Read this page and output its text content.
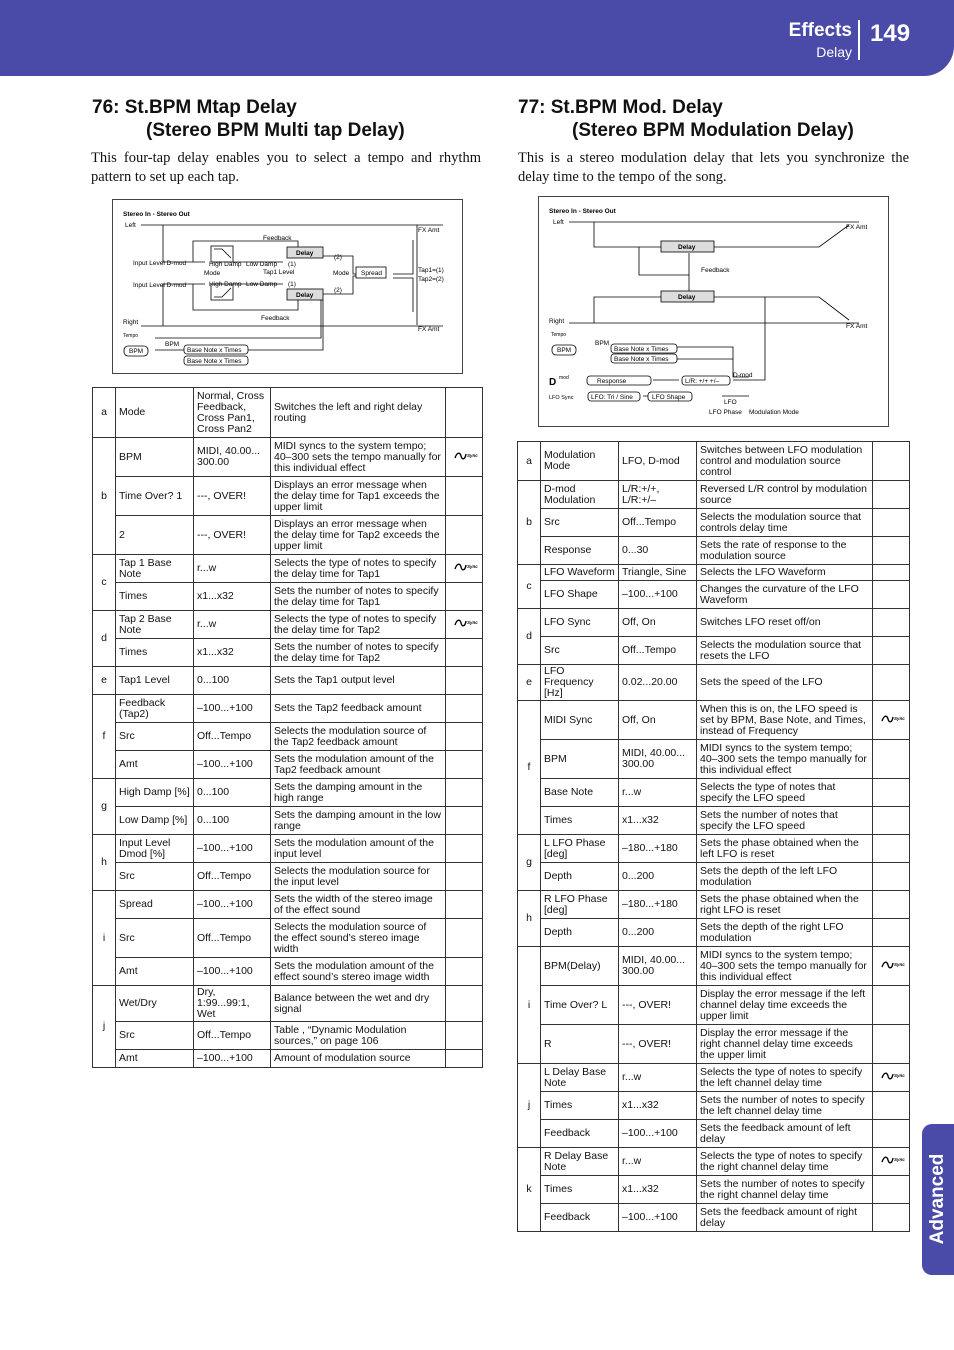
Effects
Delay
149
Advanced
76: St.BPM Mtap Delay
(Stereo BPM Multi tap Delay)
This four-tap delay enables you to select a tempo and rhythm pattern to set up each tap.
Stereo In - Stereo Out
Left
Right
Delay
Delay
Spread
Feedback
Feedback
Input Level D-mod
Input Level D-mod
High Damp Low Damp
High Damp Low Damp
Mode	Mode
Tap1 Level
(1)
(1)
(2)
(2)
Tap1=(1)
Tap2=(2)
FX Amt
FX Amt
Tempo
BPM
BPM
Base Note x Times
Base Note x Times
a	Mode	Normal, Cross Feedback, Cross Pan1, Cross Pan2	Switches the left and right delay routing	
b	BPM	MIDI, 40.00... 300.00	MIDI syncs to the system tempo; 40–300 sets the tempo manually for this individual effect	Sync

	Time Over? 1	---, OVER!	Displays an error message when the delay time for Tap1 exceeds the upper limit	
	2	---, OVER!	Displays an error message when the delay time for Tap2 exceeds the upper limit	
c	Tap 1 Base Note	r...w	Selects the type of notes to specify the delay time for Tap1	Sync

	Times	x1...x32	Sets the number of notes to specify the delay time for Tap1	
d	Tap 2 Base Note	r...w	Selects the type of notes to specify the delay time for Tap2	Sync

	Times	x1...x32	Sets the number of notes to specify the delay time for Tap2	
e	Tap1 Level	0...100	Sets the Tap1 output level	
f	Feedback (Tap2)	–100...+100	Sets the Tap2 feedback amount	
	Src	Off...Tempo	Selects the modulation source of the Tap2 feedback amount	
	Amt	–100...+100	Sets the modulation amount of the Tap2 feedback amount	
g	High Damp [%]	0...100	Sets the damping amount in the high range	
	Low Damp [%]	0...100	Sets the damping amount in the low range	
h	Input Level Dmod [%]	–100...+100	Sets the modulation amount of the input level	
	Src	Off...Tempo	Selects the modulation source for the input level	
i	Spread	–100...+100	Sets the width of the stereo image of the effect sound	
	Src	Off...Tempo	Selects the modulation source of the effect sound’s stereo image width	
	Amt	–100...+100	Sets the modulation amount of the effect sound’s stereo image width	
j	Wet/Dry	Dry, 1:99...99:1, Wet	Balance between the wet and dry signal	
	Src	Off...Tempo	Table , “Dynamic Modulation sources,” on page 106	
	Amt	–100...+100	Amount of modulation source	
77: St.BPM Mod. Delay
(Stereo BPM Modulation Delay)
This is a stereo modulation delay that lets you synchronize the delay time to the tempo of the song.
Stereo In - Stereo Out
Left
Right
Delay
Delay
Feedback
FX Amt
FX Amt
Tempo
BPM
BPM
Base Note x Times
Base Note x Times
D mod	Response	L/R: +/+ +/–
D-mod
LFO Sync	LFO: Tri / Sine	LFO Shape
LFO
LFO Phase Modulation Mode
a	Modulation Mode	LFO, D-mod	Switches between LFO modulation control and modulation source control	
b	D-mod Modulation	L/R:+/+, L/R:+/–	Reversed L/R control by modulation source	
	Src	Off...Tempo	Selects the modulation source that controls delay time	
	Response	0...30	Sets the rate of response to the modulation source	
c	LFO Waveform	Triangle, Sine	Selects the LFO Waveform	
	LFO Shape	–100...+100	Changes the curvature of the LFO Waveform	
d	LFO Sync	Off, On	Switches LFO reset off/on	
	Src	Off...Tempo	Selects the modulation source that resets the LFO	
e	LFO Frequency [Hz]	0.02...20.00	Sets the speed of the LFO	
f	MIDI Sync	Off, On	When this is on, the LFO speed is set by BPM, Base Note, and Times, instead of Frequency	Sync

	BPM	MIDI, 40.00... 300.00	MIDI syncs to the system tempo; 40–300 sets the tempo manually for this individual effect	
	Base Note	r...w	Selects the type of notes that specify the LFO speed	
	Times	x1...x32	Sets the number of notes that specify the LFO speed	
g	L LFO Phase [deg]	–180...+180	Sets the phase obtained when the left LFO is reset	
	Depth	0...200	Sets the depth of the left LFO modulation	
h	R LFO Phase [deg]	–180...+180	Sets the phase obtained when the right LFO is reset	
	Depth	0...200	Sets the depth of the right LFO modulation	
i	BPM(Delay)	MIDI, 40.00... 300.00	MIDI syncs to the system tempo; 40–300 sets the tempo manually for this individual effect	Sync

	Time Over? L	---, OVER!	Display the error message if the left channel delay time exceeds the upper limit	
	R	---, OVER!	Display the error message if the right channel delay time exceeds the upper limit	
j	L Delay Base Note	r...w	Selects the type of notes to specify the left channel delay time	Sync

	Times	x1...x32	Sets the number of notes to specify the left channel delay time	
	Feedback	–100...+100	Sets the feedback amount of left delay	
k	R Delay Base Note	r...w	Selects the type of notes to specify the right channel delay time	Sync

	Times	x1...x32	Sets the number of notes to specify the right channel delay time	
	Feedback	–100...+100	Sets the feedback amount of right delay	
